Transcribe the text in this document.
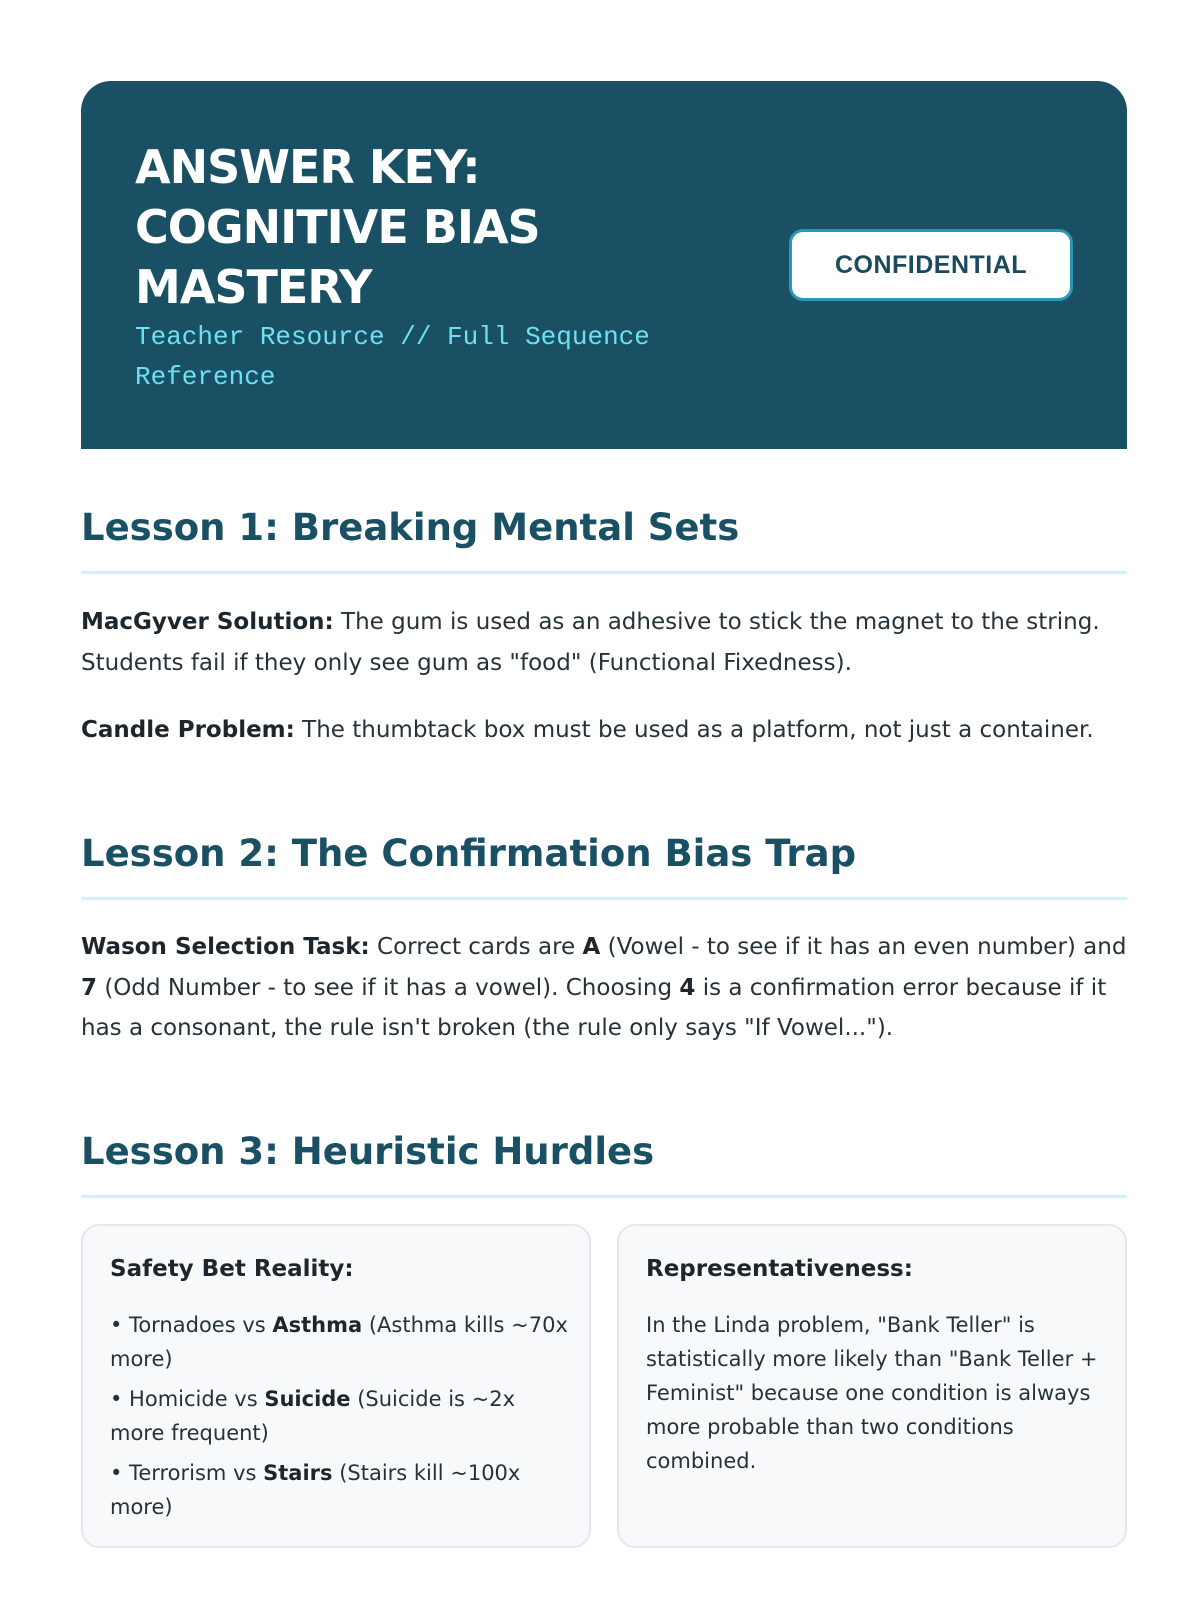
ANSWER KEY:
COGNITIVE BIAS
MASTERY
Teacher Resource // Full Sequence Reference
CONFIDENTIAL
Lesson 1: Breaking Mental Sets
MacGyver Solution: The gum is used as an adhesive to stick the magnet to the string. Students fail if they only see gum as "food" (Functional Fixedness).
Candle Problem: The thumbtack box must be used as a platform, not just a container.
Lesson 2: The Confirmation Bias Trap
Wason Selection Task: Correct cards are A (Vowel - to see if it has an even number) and 7 (Odd Number - to see if it has a vowel). Choosing 4 is a confirmation error because if it has a consonant, the rule isn't broken (the rule only says "If Vowel...").
Lesson 3: Heuristic Hurdles
Safety Bet Reality:
• Tornadoes vs Asthma (Asthma kills ~70x more)
• Homicide vs Suicide (Suicide is ~2x more frequent)
• Terrorism vs Stairs (Stairs kill ~100x more)
Representativeness:
In the Linda problem, "Bank Teller" is statistically more likely than "Bank Teller + Feminist" because one condition is always more probable than two conditions combined.
